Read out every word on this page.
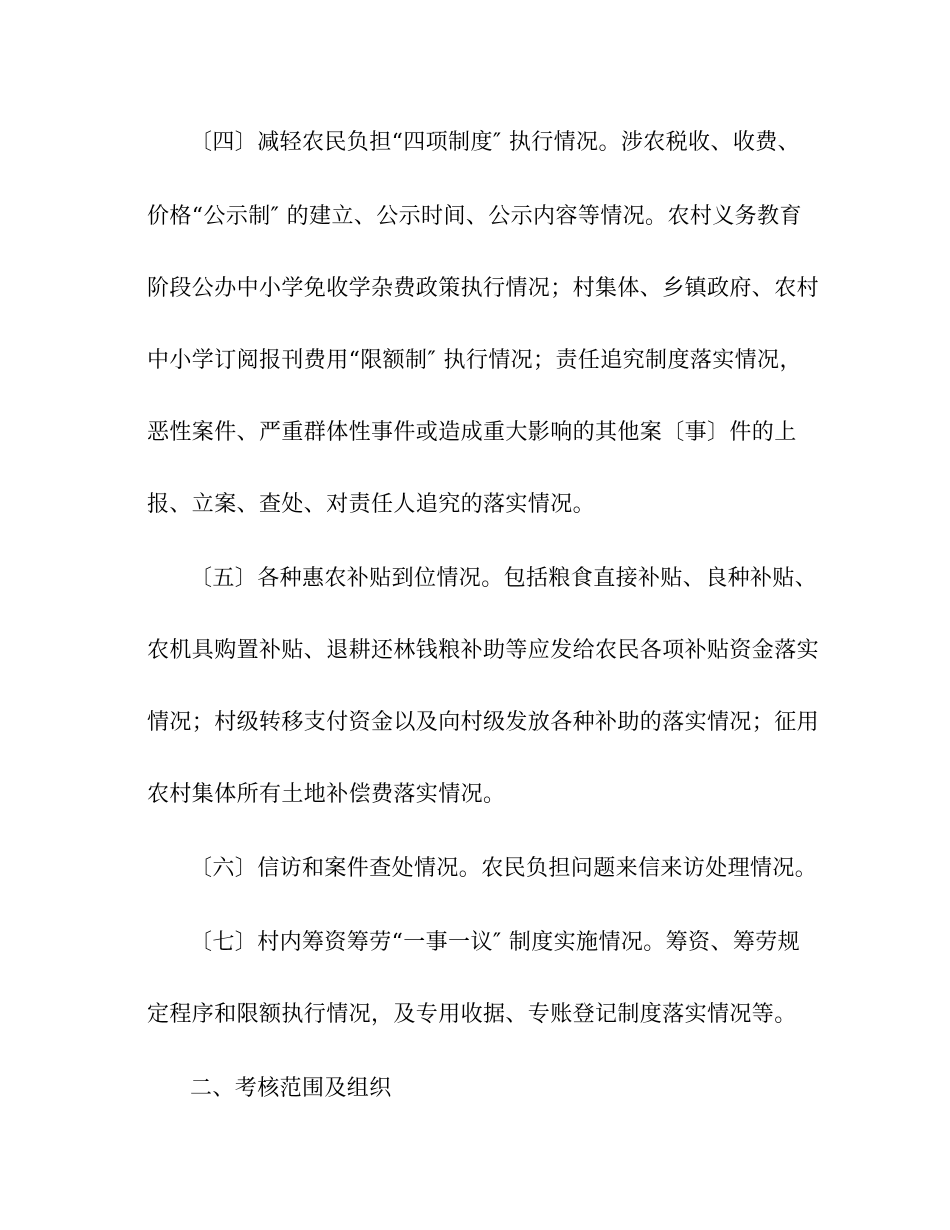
〔四〕减轻农民负担“四项制度″ 执行情况。涉农税收、收费、
价格“公示制″ 的建立、公示时间、公示内容等情况。农村义务教育
阶段公办中小学免收学杂费政策执行情况；村集体、乡镇政府、农村
中小学订阅报刊费用“限额制″ 执行情况；责任追究制度落实情况，
恶性案件、严重群体性事件或造成重大影响的其他案〔事〕件的上
报、立案、查处、对责任人追究的落实情况。
〔五〕各种惠农补贴到位情况。包括粮食直接补贴、良种补贴、
农机具购置补贴、退耕还林钱粮补助等应发给农民各项补贴资金落实
情况；村级转移支付资金以及向村级发放各种补助的落实情况；征用
农村集体所有土地补偿费落实情况。
〔六〕信访和案件查处情况。农民负担问题来信来访处理情况。
〔七〕村内筹资筹劳“一事一议″ 制度实施情况。筹资、筹劳规
定程序和限额执行情况，及专用收据、专账登记制度落实情况等。
二、考核范围及组织
